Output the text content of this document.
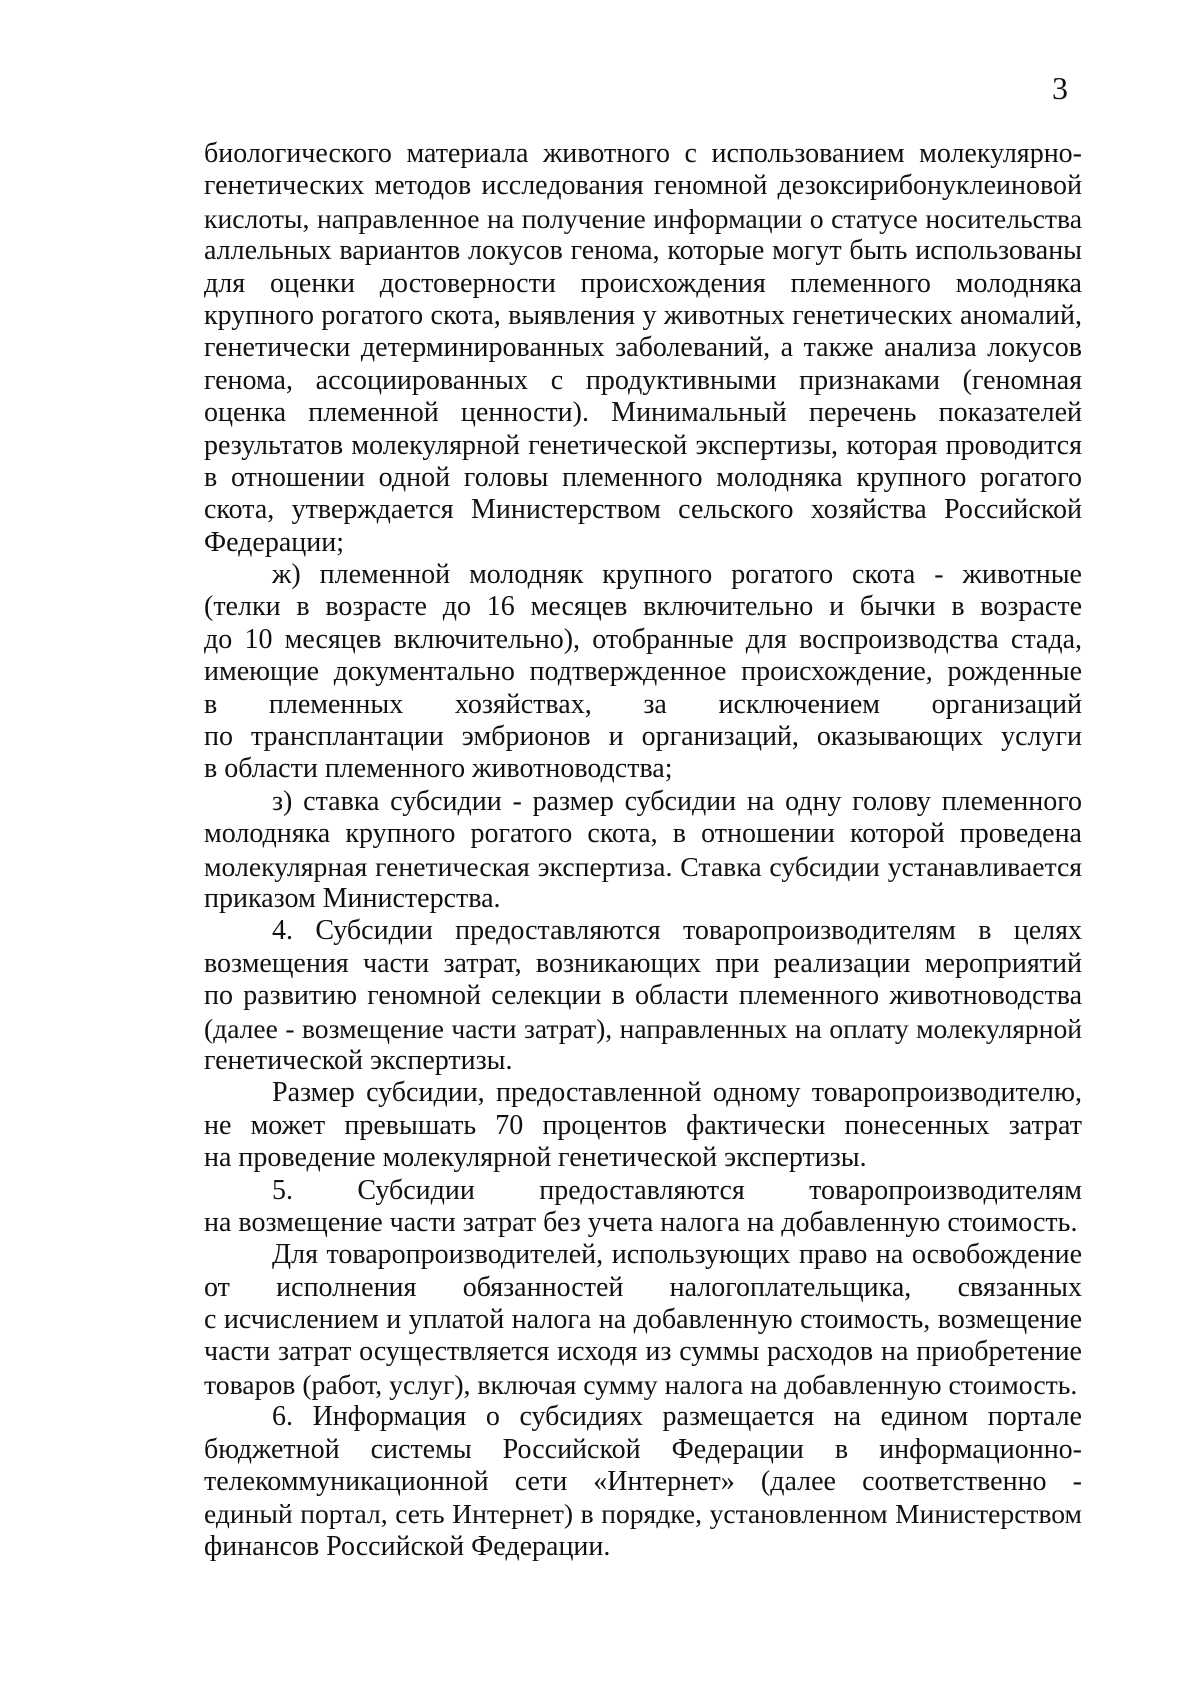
3
биологического материала животного с использованием молекулярно-
генетических методов исследования геномной дезоксирибонуклеиновой
кислоты, направленное на получение информации о статусе носительства
аллельных вариантов локусов генома, которые могут быть использованы
для оценки достоверности происхождения племенного молодняка
крупного рогатого скота, выявления у животных генетических аномалий,
генетически детерминированных заболеваний, а также анализа локусов
генома, ассоциированных с продуктивными признаками (геномная
оценка племенной ценности). Минимальный перечень показателей
результатов молекулярной генетической экспертизы, которая проводится
в отношении одной головы племенного молодняка крупного рогатого
скота, утверждается Министерством сельского хозяйства Российской
Федерации;
ж) племенной молодняк крупного рогатого скота - животные
(телки в возрасте до 16 месяцев включительно и бычки в возрасте
до 10 месяцев включительно), отобранные для воспроизводства стада,
имеющие документально подтвержденное происхождение, рожденные
в племенных хозяйствах, за исключением организаций
по трансплантации эмбрионов и организаций, оказывающих услуги
в области племенного животноводства;
з) ставка субсидии - размер субсидии на одну голову племенного
молодняка крупного рогатого скота, в отношении которой проведена
молекулярная генетическая экспертиза. Ставка субсидии устанавливается
приказом Министерства.
4. Субсидии предоставляются товаропроизводителям в целях
возмещения части затрат, возникающих при реализации мероприятий
по развитию геномной селекции в области племенного животноводства
(далее - возмещение части затрат), направленных на оплату молекулярной
генетической экспертизы.
Размер субсидии, предоставленной одному товаропроизводителю,
не может превышать 70 процентов фактически понесенных затрат
на проведение молекулярной генетической экспертизы.
5. Субсидии предоставляются товаропроизводителям
на возмещение части затрат без учета налога на добавленную стоимость.
Для товаропроизводителей, использующих право на освобождение
от исполнения обязанностей налогоплательщика, связанных
с исчислением и уплатой налога на добавленную стоимость, возмещение
части затрат осуществляется исходя из суммы расходов на приобретение
товаров (работ, услуг), включая сумму налога на добавленную стоимость.
6. Информация о субсидиях размещается на едином портале
бюджетной системы Российской Федерации в информационно-
телекоммуникационной сети «Интернет» (далее соответственно -
единый портал, сеть Интернет) в порядке, установленном Министерством
финансов Российской Федерации.
